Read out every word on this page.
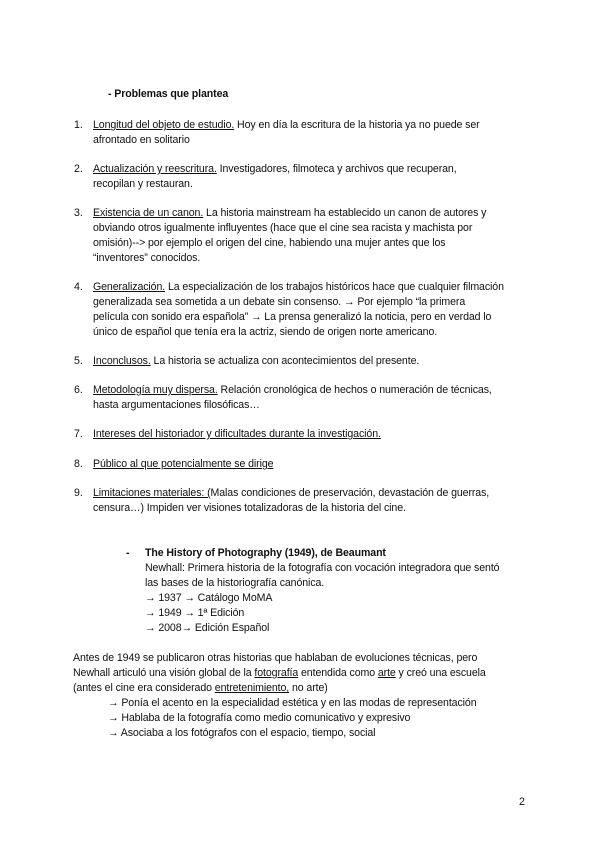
- Problemas que plantea
1. Longitud del objeto de estudio. Hoy en día la escritura de la historia ya no puede ser
afrontado en solitario
2. Actualización y reescritura. Investigadores, filmoteca y archivos que recuperan,
recopilan y restauran.
3. Existencia de un canon. La historia mainstream ha establecido un canon de autores y
obviando otros igualmente influyentes (hace que el cine sea racista y machista por
omisión)--> por ejemplo el origen del cine, habiendo una mujer antes que los
“inventores” conocidos.
4. Generalización. La especialización de los trabajos históricos hace que cualquier filmación
generalizada sea sometida a un debate sin consenso. → Por ejemplo “la primera
película con sonido era española” → La prensa generalizó la noticia, pero en verdad lo
único de español que tenía era la actriz, siendo de origen norte americano.
5. Inconclusos. La historia se actualiza con acontecimientos del presente.
6. Metodología muy dispersa. Relación cronológica de hechos o numeración de técnicas,
hasta argumentaciones filosóficas…
7. Intereses del historiador y dificultades durante la investigación.
8. Público al que potencialmente se dirige
9. Limitaciones materiales: (Malas condiciones de preservación, devastación de guerras,
censura…) Impiden ver visiones totalizadoras de la historia del cine.
- The History of Photography (1949), de Beaumant
Newhall: Primera historia de la fotografía con vocación integradora que sentó
las bases de la historiografía canónica.
→ 1937 → Catálogo MoMA
→ 1949 → 1ª Edición
→ 2008→ Edición Español
Antes de 1949 se publicaron otras historias que hablaban de evoluciones técnicas, pero
Newhall articuló una visión global de la fotografía entendida como arte y creó una escuela
(antes el cine era considerado entretenimiento, no arte)
→ Ponía el acento en la especialidad estética y en las modas de representación
→ Hablaba de la fotografía como medio comunicativo y expresivo
→ Asociaba a los fotógrafos con el espacio, tiempo, social
2
